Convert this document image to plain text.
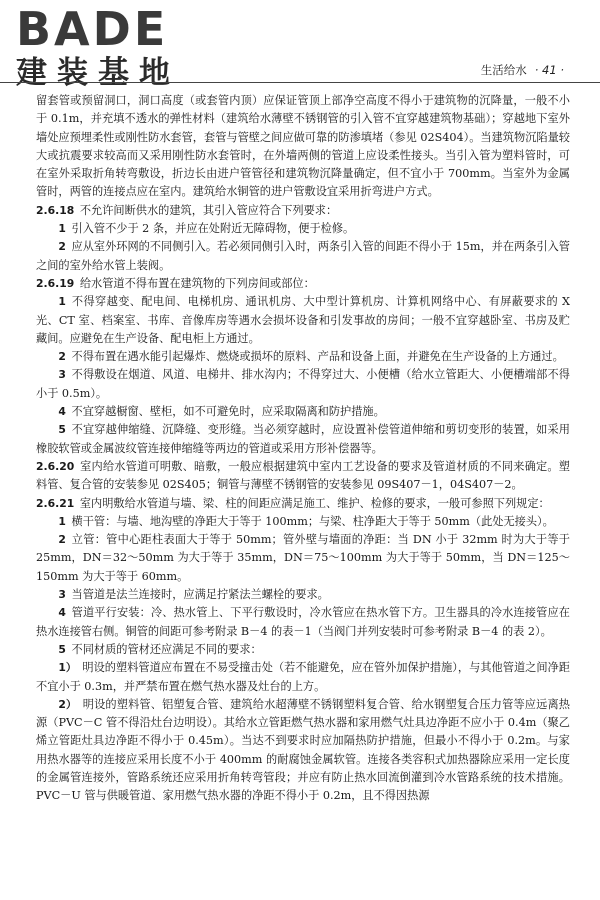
BADE
建装基地	生活给水 · 41 ·

留套管或预留洞口，洞口高度（或套管内顶）应保证管顶上部净空高度不得小于建筑物的沉降量，一般不小于 0.1m，并充填不透水的弹性材料（建筑给水薄壁不锈钢管的引入管不宜穿越建筑物基础）；穿越地下室外墙处应预埋柔性或刚性防水套管，套管与管壁之间应做可靠的防渗填堵（参见 02S404）。当建筑物沉陷量较大或抗震要求较高而又采用刚性防水套管时，在外墙两侧的管道上应设柔性接头。当引入管为塑料管时，可在室外采取折角转弯敷设，折边长由进户管管径和建筑物沉降量确定，但不宜小于 700mm。当室外为金属管时，两管的连接点应在室内。建筑给水铜管的进户管敷设宜采用折弯进户方式。

2.6.18  不允许间断供水的建筑，其引入管应符合下列要求：

1  引入管不少于 2 条，并应在处附近无障碍物，便于检修。

2  应从室外环网的不同侧引入。若必须同侧引入时，两条引入管的间距不得小于 15m，并在两条引入管之间的室外给水管上装阀。

2.6.19  给水管道不得布置在建筑物的下列房间或部位：

1  不得穿越变、配电间、电梯机房、通讯机房、大中型计算机房、计算机网络中心、有屏蔽要求的 X 光、CT 室、档案室、书库、音像库房等遇水会损坏设备和引发事故的房间；一般不宜穿越卧室、书房及贮藏间。应避免在生产设备、配电柜上方通过。

2  不得布置在遇水能引起爆炸、燃烧或损坏的原料、产品和设备上面，并避免在生产设备的上方通过。

3  不得敷设在烟道、风道、电梯井、排水沟内；不得穿过大、小便槽（给水立管距大、小便槽端部不得小于 0.5m）。

4  不宜穿越橱窗、壁柜，如不可避免时，应采取隔离和防护措施。

5  不宜穿越伸缩缝、沉降缝、变形缝。当必须穿越时，应设置补偿管道伸缩和剪切变形的装置，如采用橡胶软管或金属波纹管连接伸缩缝等两边的管道或采用方形补偿器等。

2.6.20  室内给水管道可明敷、暗敷，一般应根据建筑中室内工艺设备的要求及管道材质的不同来确定。塑料管、复合管的安装参见 02S405；铜管与薄壁不锈钢管的安装参见 09S407－1，04S407－2。

2.6.21  室内明敷给水管道与墙、梁、柱的间距应满足施工、维护、检修的要求，一般可参照下列规定：

1  横干管：与墙、地沟壁的净距大于等于 100mm；与梁、柱净距大于等于 50mm（此处无接头）。

2  立管：管中心距柱表面大于等于 50mm；管外壁与墙面的净距：当 DN 小于 32mm 时为大于等于 25mm，DN＝32～50mm 为大于等于 35mm，DN＝75～100mm 为大于等于 50mm，当 DN＝125～150mm 为大于等于 60mm。

3  当管道是法兰连接时，应满足拧紧法兰螺栓的要求。

4  管道平行安装：冷、热水管上、下平行敷设时，冷水管应在热水管下方。卫生器具的冷水连接管应在热水连接管右侧。铜管的间距可参考附录 B－4 的表－1（当阀门并列安装时可参考附录 B－4 的表 2）。

5  不同材质的管材还应满足不同的要求：

1）  明设的塑料管道应布置在不易受撞击处（若不能避免，应在管外加保护措施），与其他管道之间净距不宜小于 0.3m，并严禁布置在燃气热水器及灶台的上方。

2）  明设的塑料管、铝塑复合管、建筑给水超薄壁不锈钢塑料复合管、给水钢塑复合压力管等应远离热源（PVC－C 管不得沿灶台边明设）。其给水立管距燃气热水器和家用燃气灶具边净距不应小于 0.4m（聚乙烯立管距灶具边净距不得小于 0.45m）。当达不到要求时应加隔热防护措施，但最小不得小于 0.2m。与家用热水器等的连接应采用长度不小于 400mm 的耐腐蚀金属软管。连接各类容积式加热器除应采用一定长度的金属管连接外，管路系统还应采用折角转弯管段；并应有防止热水回流倒灌到冷水管路系统的技术措施。PVC－U 管与供暖管道、家用燃气热水器的净距不得小于 0.2m，且不得因热源
